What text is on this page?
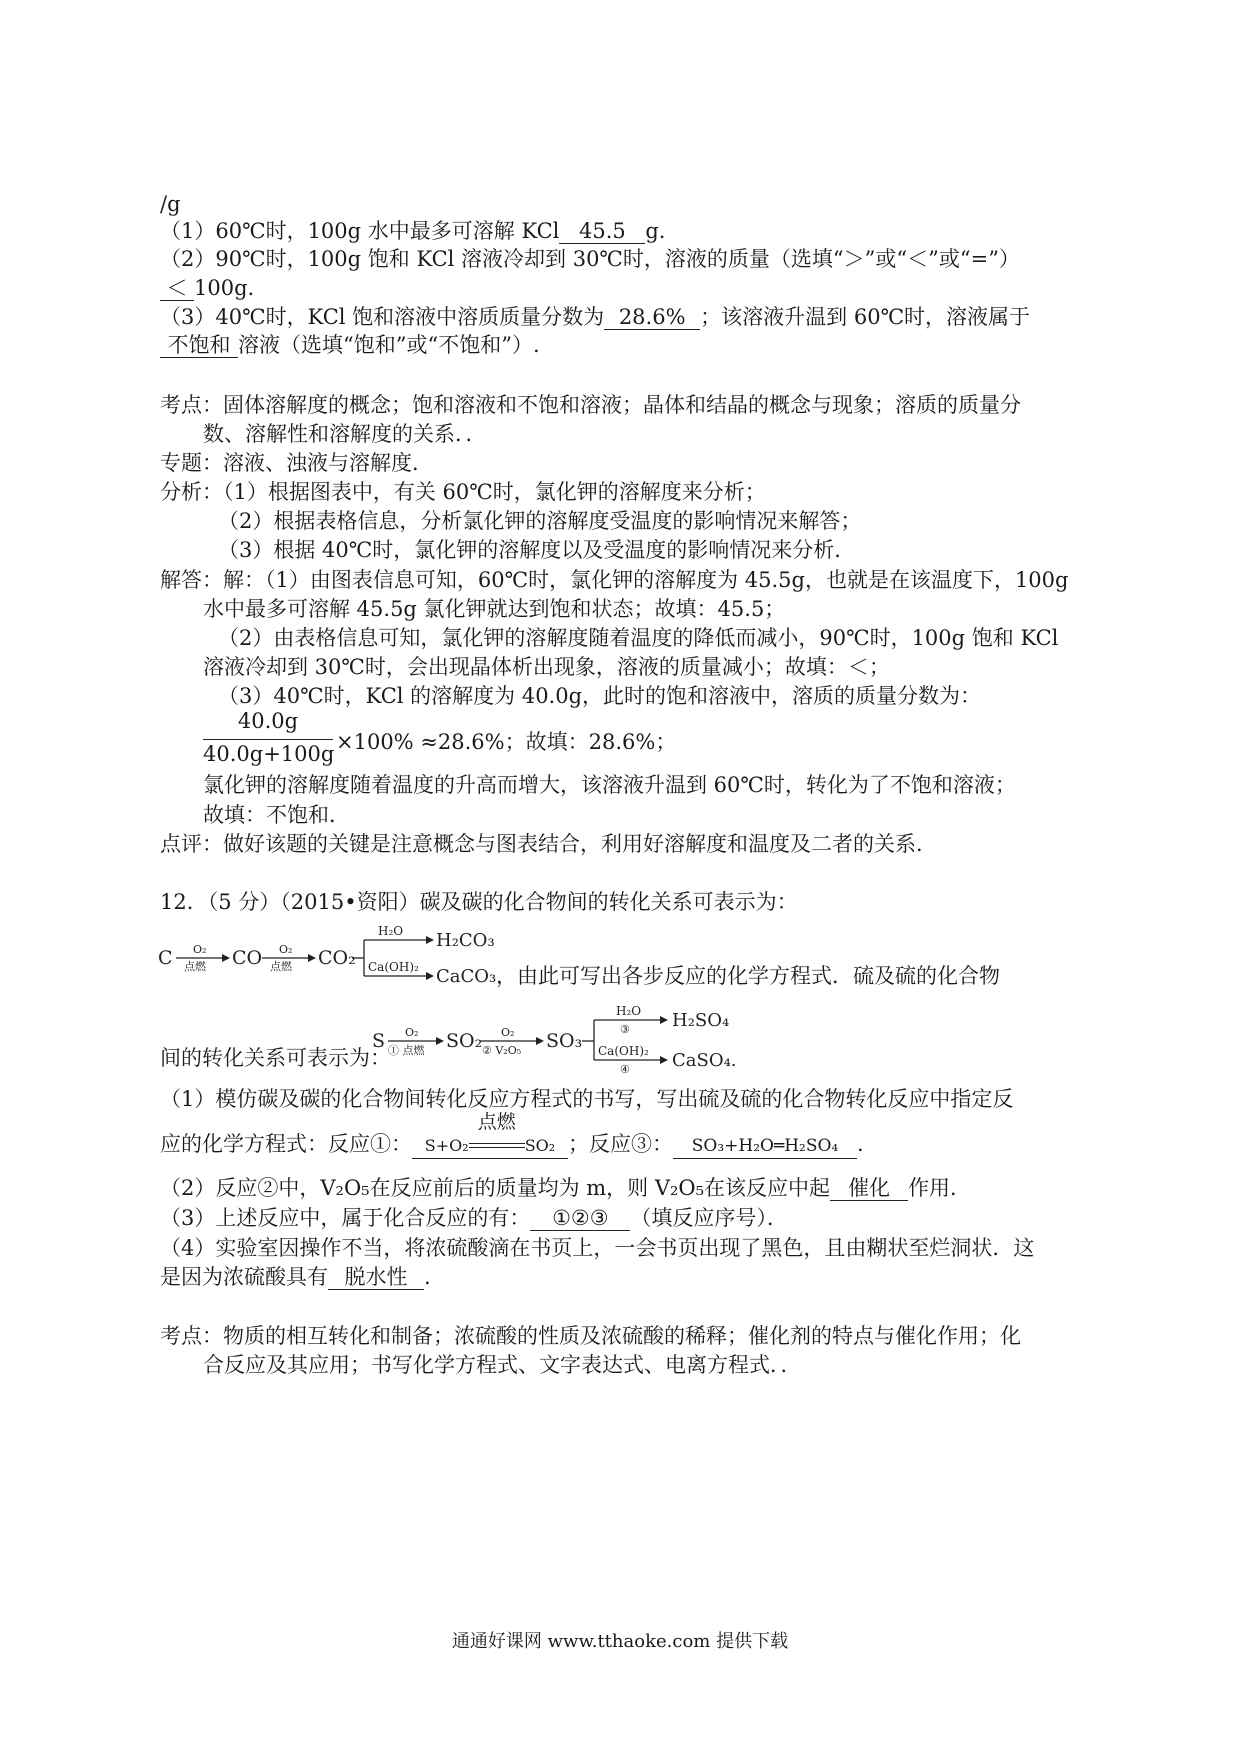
/g
（1）60℃时，100g 水中最多可溶解 KCl 45.5 g.
（2）90℃时，100g 饱和 KCl 溶液冷却到 30℃时，溶液的质量（选填“＞”或“＜”或“=”）
＜ 100g.
（3）40℃时，KCl 饱和溶液中溶质质量分数为 28.6% ；该溶液升温到 60℃时，溶液属于
不饱和 溶液（选填“饱和”或“不饱和”）.
考点：固体溶解度的概念；饱和溶液和不饱和溶液；晶体和结晶的概念与现象；溶质的质量分
数、溶解性和溶解度的关系．．
专题：溶液、浊液与溶解度．
分析：（1）根据图表中，有关 60℃时，氯化钾的溶解度来分析；
（2）根据表格信息，分析氯化钾的溶解度受温度的影响情况来解答；
（3）根据 40℃时，氯化钾的溶解度以及受温度的影响情况来分析．
解答：解：（1）由图表信息可知，60℃时，氯化钾的溶解度为 45.5g，也就是在该温度下，100g
水中最多可溶解 45.5g 氯化钾就达到饱和状态；故填：45.5；
（2）由表格信息可知，氯化钾的溶解度随着温度的降低而减小，90℃时，100g 饱和 KCl
溶液冷却到 30℃时，会出现晶体析出现象，溶液的质量减小；故填：＜；
（3）40℃时，KCl 的溶解度为 40.0g，此时的饱和溶液中，溶质的质量分数为：
40.0g
40.0g+100g ×100% ≈28.6%；故填：28.6%；
氯化钾的溶解度随着温度的升高而增大，该溶液升温到 60℃时，转化为了不饱和溶液；
故填：不饱和．
点评：做好该题的关键是注意概念与图表结合，利用好溶解度和温度及二者的关系．
12．（5 分）（2015•资阳）碳及碳的化合物间的转化关系可表示为：
C O₂
点燃 CO O₂
点燃 CO₂
H₂O H₂CO₃
Ca(OH)₂ CaCO₃ ，由此可写出各步反应的化学方程式．硫及硫的化合物
S O₂
① 点燃 SO₂ O₂
② V₂O₅ SO₃
H₂O
③ H₂SO₄
Ca(OH)₂
④ CaSO₄.
间的转化关系可表示为：
（1）模仿碳及碳的化合物间转化反应方程式的书写，写出硫及硫的化合物转化反应中指定反
应的化学方程式：反应①： S+O₂
点燃
SO₂ ；反应③： SO₃+H₂O═H₂SO₄ .
（2）反应②中，V₂O₅在反应前后的质量均为 m，则 V₂O₅在该反应中起 催化 作用．
（3）上述反应中，属于化合反应的有： ①②③ （填反应序号）．
（4）实验室因操作不当，将浓硫酸滴在书页上，一会书页出现了黑色，且由糊状至烂洞状．这
是因为浓硫酸具有 脱水性 .
考点：物质的相互转化和制备；浓硫酸的性质及浓硫酸的稀释；催化剂的特点与催化作用；化
合反应及其应用；书写化学方程式、文字表达式、电离方程式．．
通通好课网 www.tthaoke.com 提供下载
